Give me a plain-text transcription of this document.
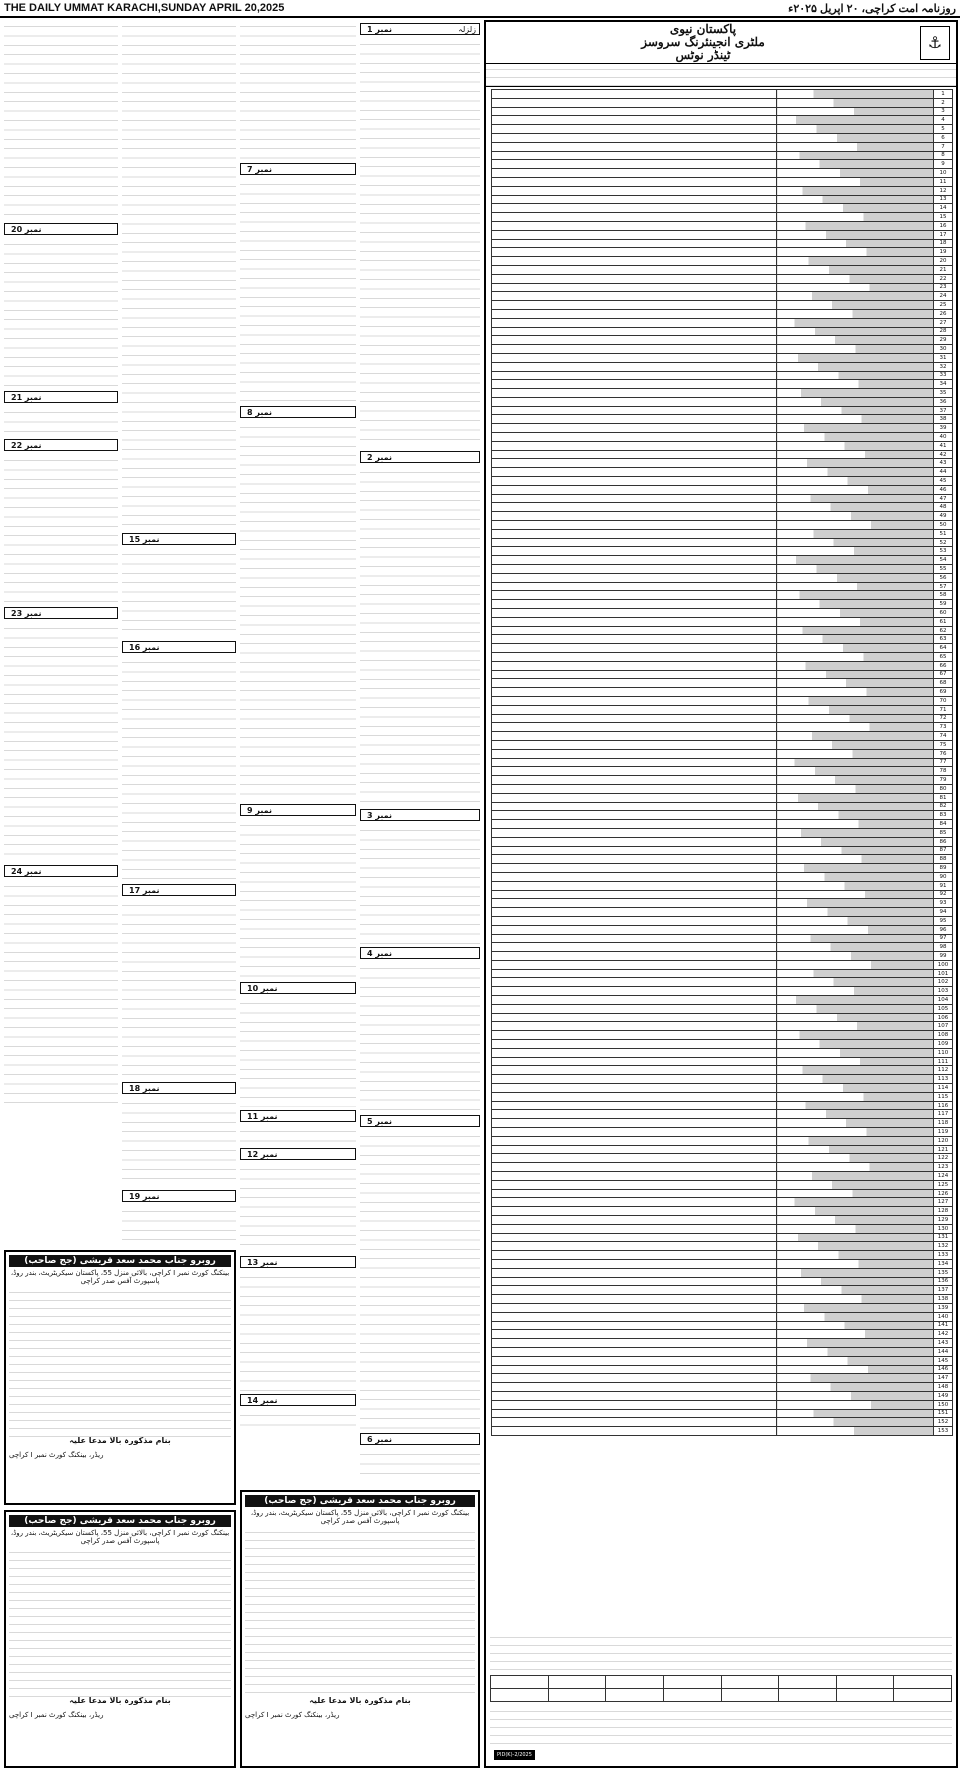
THE DAILY UMMAT KARACHI,SUNDAY APRIL 20,2025	روزنامہ امت کراچی، ۲۰ اپریل ۲۰۲۵ء
نمبر 20
نمبر 21
نمبر 22
نمبر 23
نمبر 24
نمبر 15
نمبر 16
نمبر 17
نمبر 18
نمبر 19
روبرو جناب محمد سعد قریشی (جج صاحب)
بینکنگ کورٹ نمبر I کراچی، بالائی منزل 55، پاکستان سیکریٹریٹ، بندر روڈ، پاسپورٹ آفس صدر کراچی
بنام مذکورہ بالا مدعا علیہ
ریڈر، بینکنگ کورٹ نمبر I کراچی
روبرو جناب محمد سعد قریشی (جج صاحب)
بینکنگ کورٹ نمبر I کراچی، بالائی منزل 55، پاکستان سیکریٹریٹ، بندر روڈ، پاسپورٹ آفس صدر کراچی
بنام مذکورہ بالا مدعا علیہ
ریڈر، بینکنگ کورٹ نمبر I کراچی
نمبر 7
نمبر 8
نمبر 9
نمبر 10
نمبر 11
نمبر 12
نمبر 13
نمبر 14
نمبر 1	زلزلہ
نمبر 2
نمبر 3
نمبر 4
نمبر 5
نمبر 6
روبرو جناب محمد سعد قریشی (جج صاحب)
بینکنگ کورٹ نمبر I کراچی، بالائی منزل 55، پاکستان سیکریٹریٹ، بندر روڈ، پاسپورٹ آفس صدر کراچی
بنام مذکورہ بالا مدعا علیہ
ریڈر، بینکنگ کورٹ نمبر I کراچی
پاکستان نیوی
ملٹری انجینئرنگ سروسز
ٹینڈر نوٹس
⚓
		1
		2
		3
		4
		5
		6
		7
		8
		9
		10
		11
		12
		13
		14
		15
		16
		17
		18
		19
		20
		21
		22
		23
		24
		25
		26
		27
		28
		29
		30
		31
		32
		33
		34
		35
		36
		37
		38
		39
		40
		41
		42
		43
		44
		45
		46
		47
		48
		49
		50
		51
		52
		53
		54
		55
		56
		57
		58
		59
		60
		61
		62
		63
		64
		65
		66
		67
		68
		69
		70
		71
		72
		73
		74
		75
		76
		77
		78
		79
		80
		81
		82
		83
		84
		85
		86
		87
		88
		89
		90
		91
		92
		93
		94
		95
		96
		97
		98
		99
		100
		101
		102
		103
		104
		105
		106
		107
		108
		109
		110
		111
		112
		113
		114
		115
		116
		117
		118
		119
		120
		121
		122
		123
		124
		125
		126
		127
		128
		129
		130
		131
		132
		133
		134
		135
		136
		137
		138
		139
		140
		141
		142
		143
		144
		145
		146
		147
		148
		149
		150
		151
		152
		153

PID(K)-2/2025
